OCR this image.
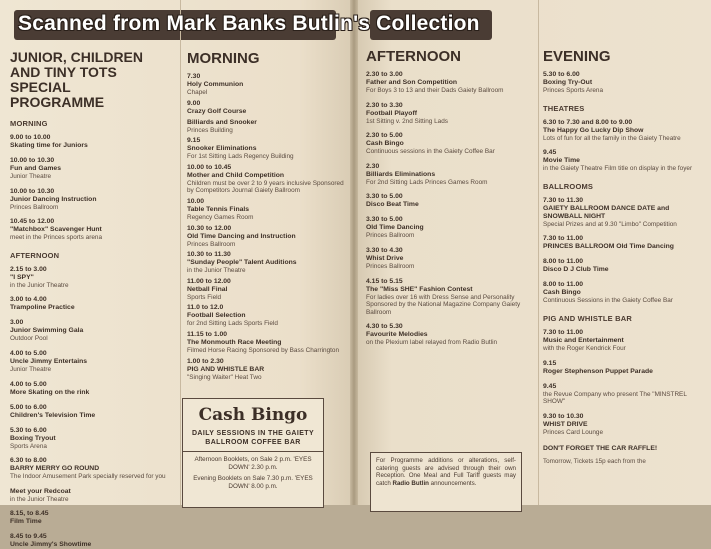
Scanned from Mark Banks Butlin's Collection
JUNIOR, CHILDREN AND TINY TOTS SPECIAL PROGRAMME
MORNING
9.00 to 10.00
Skating time for Juniors
10.00 to 10.30
Fun and Games
Junior Theatre
10.00 to 10.30
Junior Dancing Instruction
Princes Ballroom
10.45 to 12.00
"Matchbox" Scavenger Hunt
meet in the Princes sports arena
AFTERNOON
2.15 to 3.00
"I SPY"
in the Junior Theatre
3.00 to 4.00
Trampoline Practice
3.00
Junior Swimming Gala
Outdoor Pool
4.00 to 5.00
Uncle Jimmy Entertains
Junior Theatre
4.00 to 5.00
More Skating on the rink
5.00 to 6.00
Children's Television Time
5.30 to 6.00
Boxing Tryout
Sports Arena
6.30 to 8.00
BARRY MERRY GO ROUND
The Indoor Amusement Park specially reserved for you
Meet your Redcoat
in the Junior Theatre
8.15, to 8.45
Film Time
8.45 to 9.45
Uncle Jimmy's Showtime
MORNING
7.30
Holy Communion
Chapel
9.00
Crazy Golf Course
Billiards and Snooker
Princes Building
9.15
Snooker Eliminations
For 1st Sitting Lads Regency Building
10.00 to 10.45
Mother and Child Competition
Children must be over 2 to 9 years inclusive Sponsored by Competitors Journal Gaiety Ballroom
10.00
Table Tennis Finals
Regency Games Room
10.30 to 12.00
Old Time Dancing and Instruction
Princes Ballroom
10.30 to 11.30
"Sunday People" Talent Auditions
in the Junior Theatre
11.00 to 12.00
Netball Final
Sports Field
11.0 to 12.0
Football Selection
for 2nd Sitting Lads Sports Field
11.15 to 1.00
The Monmouth Race Meeting
Filmed Horse Racing Sponsored by Bass Charrington
1.00 to 2.30
PIG AND WHISTLE BAR
"Singing Waiter" Heat Two
Cash Bingo
DAILY SESSIONS IN THE GAIETY BALLROOM COFFEE BAR
Afternoon Booklets, on Sale 2 p.m. 'EYES DOWN' 2.30 p.m.
Evening Booklets on Sale 7.30 p.m. 'EYES DOWN' 8.00 p.m.
AFTERNOON
2.30 to 3.00
Father and Son Competition
For Boys 3 to 13 and their Dads Gaiety Ballroom
2.30 to 3.30
Football Playoff
1st Sitting v. 2nd Sitting Lads
2.30 to 5.00
Cash Bingo
Continuous sessions in the Gaiety Coffee Bar
2.30
Billiards Eliminations
For 2nd Sitting Lads Princes Games Room
3.30 to 5.00
Disco Beat Time
3.30 to 5.00
Old Time Dancing
Princes Ballroom
3.30 to 4.30
Whist Drive
Princes Ballroom
4.15 to 5.15
The "Miss SHE" Fashion Contest
For ladies over 16 with Dress Sense and Personality Sponsored by the National Magazine Company Gaiety Ballroom
4.30 to 5.30
Favourite Melodies
on the Plexium label relayed from Radio Butlin
For Programme additions or alterations, self-catering guests are advised through their own Reception. One Meal and Full Tariff guests may catch Radio Butlin announcements.
EVENING
5.30 to 6.00
Boxing Try-Out
Princes Sports Arena
THEATRES
6.30 to 7.30 and 8.00 to 9.00
The Happy Go Lucky Dip Show
Lots of fun for all the family in the Gaiety Theatre
9.45
Movie Time
in the Gaiety Theatre Film title on display in the foyer
BALLROOMS
7.30 to 11.30
GAIETY BALLROOM DANCE DATE and SNOWBALL NIGHT
Special Prizes and at 9.30 "Limbo" Competition
7.30 to 11.00
PRINCES BALLROOM Old Time Dancing
8.00 to 11.00
Disco D J Club Time
8.00 to 11.00
Cash Bingo
Continuous Sessions in the Gaiety Coffee Bar
PIG AND WHISTLE BAR
7.30 to 11.00
Music and Entertainment
with the Roger Kendrick Four
9.15
Roger Stephenson Puppet Parade
9.45
the Revue Company who present The "MINSTREL SHOW"
9.30 to 10.30
WHIST DRIVE
Princes Card Lounge
DON'T FORGET THE CAR RAFFLE!
Tomorrow, Tickets 15p each from the
